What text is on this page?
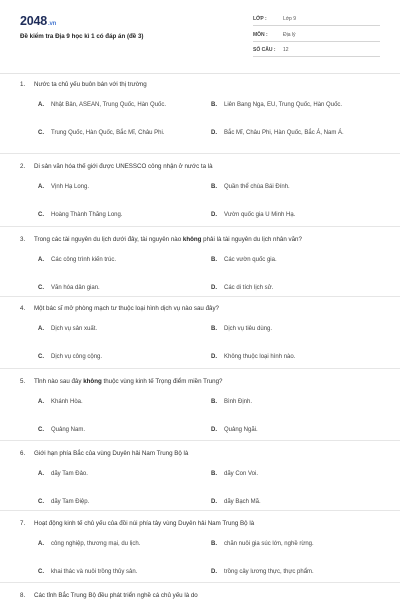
2048.vn
Đề kiểm tra Địa 9 học kì 1 có đáp án (đề 3)
LỚP :	Lớp 9
MÔN :	Địa lý
SỐ CÂU : 12
1. Nước ta chủ yếu buôn bán với thị trường
A. Nhật Bản, ASEAN, Trung Quốc, Hàn Quốc.	B. Liên Bang Nga, EU, Trung Quốc, Hàn Quốc.
C. Trung Quốc, Hàn Quốc, Bắc Mĩ, Châu Phi.	D. Bắc Mĩ, Châu Phi, Hàn Quốc, Bắc Á, Nam Á.
2. Di sản văn hóa thế giới được UNESSCO công nhận ở nước ta là
A. Vịnh Hạ Long.	B. Quần thể chùa Bái Đính.
C. Hoàng Thành Thăng Long.	D. Vườn quốc gia U Minh Hạ.
3. Trong các tài nguyên du lịch dưới đây, tài nguyên nào không phải là tài nguyên du lịch nhân văn?
A. Các công trình kiến trúc.	B. Các vườn quốc gia.
C. Văn hóa dân gian.	D. Các di tích lịch sử.
4. Một bác sĩ mở phòng mạch tư thuộc loại hình dịch vụ nào sau đây?
A. Dịch vụ sản xuất.	B. Dịch vụ tiêu dùng.
C. Dịch vụ công cộng.	D. Không thuộc loại hình nào.
5. Tỉnh nào sau đây không thuộc vùng kinh tế Trọng điểm miền Trung?
A. Khánh Hòa.	B. Bình Định.
C. Quảng Nam.	D. Quảng Ngãi.
6. Giới hạn phía Bắc của vùng Duyên hải Nam Trung Bộ là
A. dãy Tam Đảo.	B. dãy Con Voi.
C. dãy Tam Điệp.	D. dãy Bạch Mã.
7. Hoạt động kinh tế chủ yếu của đồi núi phía tây vùng Duyên hải Nam Trung Bộ là
A. công nghiệp, thương mại, du lịch.	B. chăn nuôi gia súc lớn, nghề rừng.
C. khai thác và nuôi trồng thủy sản.	D. trồng cây lương thực, thực phẩm.
8. Các tỉnh Bắc Trung Bộ đều phát triển nghề cá chủ yếu là do
